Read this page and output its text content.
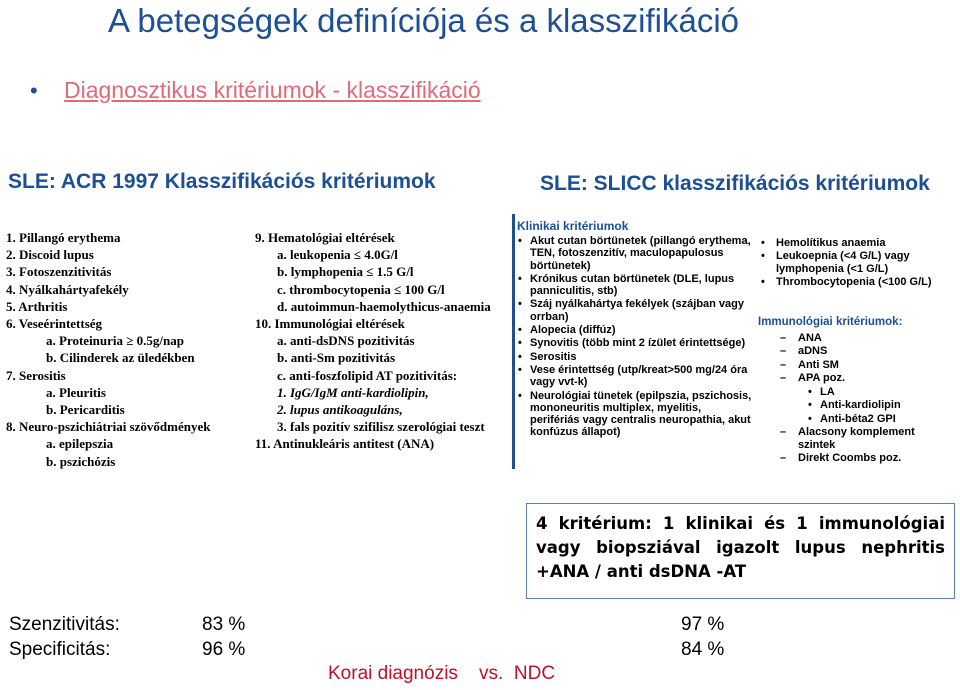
A betegségek definíciója és a klasszifikáció
• Diagnosztikus kritériumok - klasszifikáció
SLE: ACR 1997 Klasszifikációs kritériumok	SLE: SLICC klasszifikációs kritériumok
1. Pillangó erythema
2. Discoid lupus
3. Fotoszenzitivitás
4. Nyálkahártyafekély
5. Arthritis
6. Veseérintettség
a. Proteinuria ≥ 0.5g/nap
b. Cilinderek az üledékben
7. Serositis
a. Pleuritis
b. Pericarditis
8. Neuro-pszichiátriai szövődmények
a. epilepszia
b. pszichózis
9. Hematológiai eltérések
a. leukopenia ≤ 4.0G/l
b. lymphopenia ≤ 1.5 G/l
c. thrombocytopenia ≤ 100 G/l
d. autoimmun-haemolythicus-anaemia
10. Immunológiai eltérések
a. anti-dsDNS pozitivitás
b. anti-Sm pozitivitás
c. anti-foszfolipid AT pozitivitás:
1. IgG/IgM anti-kardiolipin,
2. lupus antikoaguláns,
3. fals pozitív szifilisz szerológiai teszt
11. Antinukleáris antitest (ANA)
Klinikai kritériumok
• Akut cutan börtünetek (pillangó erythema, TEN, fotoszenzitív, maculopapulosus börtünetek)
• Krónikus cutan börtünetek (DLE, lupus panniculitis, stb)
• Száj nyálkahártya fekélyek (szájban vagy orrban)
• Alopecia (diffúz)
• Synovitis (több mint 2 ízület érintettsége)
• Serositis
• Vese érintettség (utp/kreat>500 mg/24 óra vagy vvt-k)
• Neurológiai tünetek (epilpszia, pszichosis, mononeuritis multiplex, myelitis, perifériás vagy centralis neuropathia, akut konfúzus állapot)
• Hemolítikus anaemia
• Leukoepnia (<4 G/L) vagy lymphopenia (<1 G/L)
• Thrombocytopenia (<100 G/L)
Immunológiai kritériumok:
– ANA
– aDNS
– Anti SM
– APA poz.
• LA
• Anti-kardiolipin
• Anti-béta2 GPI
– Alacsony komplement szintek
– Direkt Coombs poz.
4 kritérium: 1 klinikai és 1 immunológiai vagy biopsziával igazolt lupus nephritis +ANA / anti dsDNA -AT
Szenzitivitás:	83 %	97 %
Specificitás:	96 %	84 %
Korai diagnózis vs. NDC
